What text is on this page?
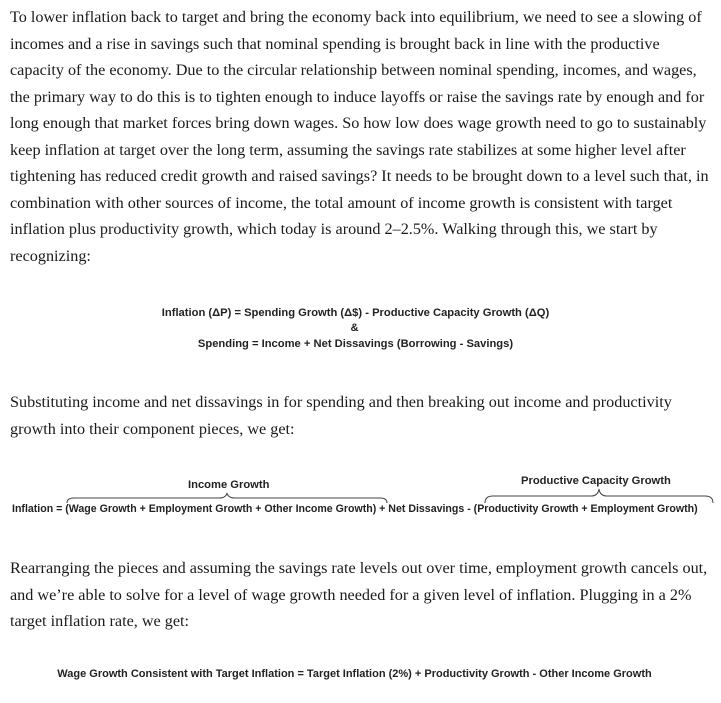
To lower inflation back to target and bring the economy back into equilibrium, we need to see a slowing of incomes and a rise in savings such that nominal spending is brought back in line with the productive capacity of the economy. Due to the circular relationship between nominal spending, incomes, and wages, the primary way to do this is to tighten enough to induce layoffs or raise the savings rate by enough and for long enough that market forces bring down wages. So how low does wage growth need to go to sustainably keep inflation at target over the long term, assuming the savings rate stabilizes at some higher level after tightening has reduced credit growth and raised savings? It needs to be brought down to a level such that, in combination with other sources of income, the total amount of income growth is consistent with target inflation plus productivity growth, which today is around 2–2.5%. Walking through this, we start by recognizing:

Inflation (ΔP) = Spending Growth (Δ$) - Productive Capacity Growth (ΔQ)
&
Spending = Income + Net Dissavings (Borrowing - Savings)

Substituting income and net dissavings in for spending and then breaking out income and productivity growth into their component pieces, we get:

Income Growth	Productive Capacity Growth
Inflation = (Wage Growth + Employment Growth + Other Income Growth) + Net Dissavings - (Productivity Growth + Employment Growth)

Rearranging the pieces and assuming the savings rate levels out over time, employment growth cancels out, and we’re able to solve for a level of wage growth needed for a given level of inflation. Plugging in a 2% target inflation rate, we get:

Wage Growth Consistent with Target Inflation = Target Inflation (2%) + Productivity Growth - Other Income Growth
